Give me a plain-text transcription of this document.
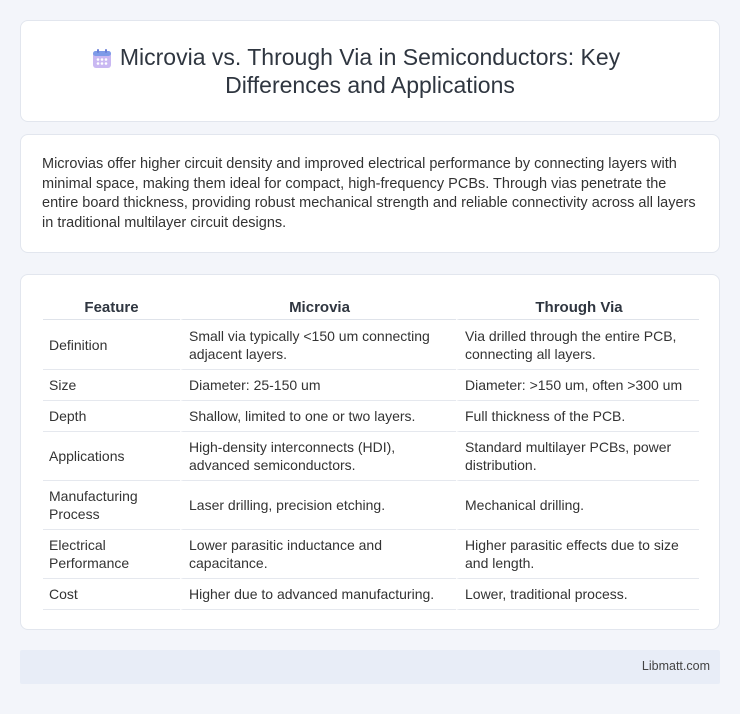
Microvia vs. Through Via in Semiconductors: Key Differences and Applications

Microvias offer higher circuit density and improved electrical performance by connecting layers with minimal space, making them ideal for compact, high-frequency PCBs. Through vias penetrate the entire board thickness, providing robust mechanical strength and reliable connectivity across all layers in traditional multilayer circuit designs.

Feature	Microvia	Through Via
Definition	Small via typically <150 um connecting adjacent layers.	Via drilled through the entire PCB, connecting all layers.
Size	Diameter: 25-150 um	Diameter: >150 um, often >300 um
Depth	Shallow, limited to one or two layers.	Full thickness of the PCB.
Applications	High-density interconnects (HDI), advanced semiconductors.	Standard multilayer PCBs, power distribution.
Manufacturing Process	Laser drilling, precision etching.	Mechanical drilling.
Electrical Performance	Lower parasitic inductance and capacitance.	Higher parasitic effects due to size and length.
Cost	Higher due to advanced manufacturing.	Lower, traditional process.
Libmatt.com
